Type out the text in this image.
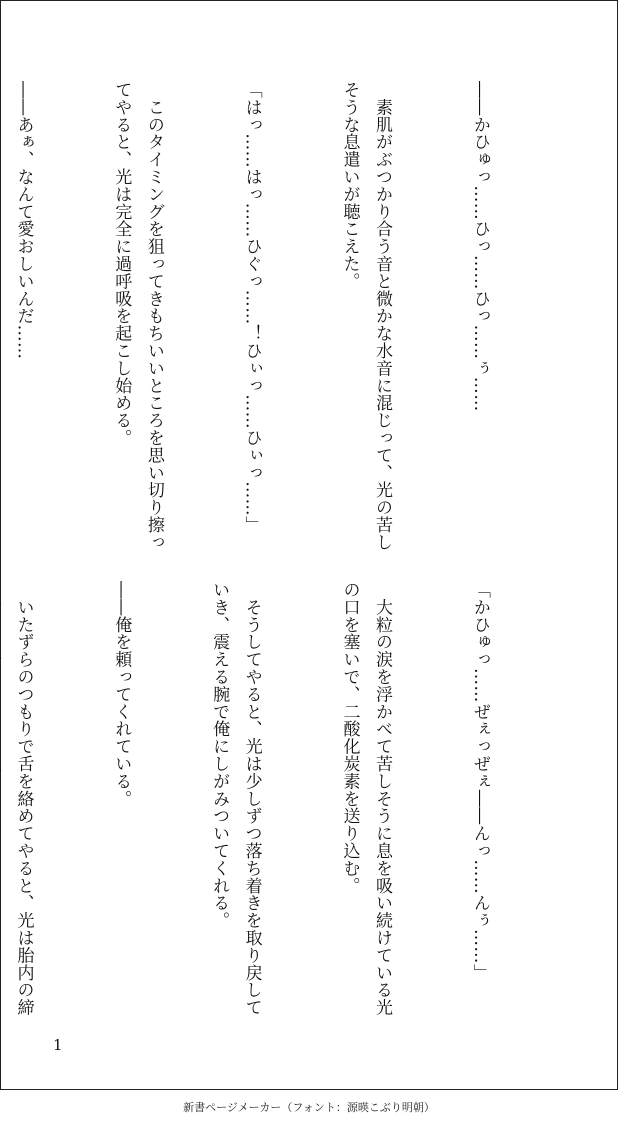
――かひゅっ……ひっ……ひっ……ぅ……

　素肌がぶつかり合う音と微かな水音に混じって、光の苦しそうな息遣いが聴こえた。

「はっ……はっ……ひぐっ……！ひぃっ……ひぃっ……」

　このタイミングを狙ってきもちいいところを思い切り擦ってやると、光は完全に過呼吸を起こし始める。

――あぁ、なんて愛おしいんだ……

「かひゅっ……ぜぇっぜぇ――んっ……んぅ……」

　大粒の涙を浮かべて苦しそうに息を吸い続けている光の口を塞いで、二酸化炭素を送り込む。

　そうしてやると、光は少しずつ落ち着きを取り戻していき、震える腕で俺にしがみついてくれる。

――俺を頼ってくれている。

　いたずらのつもりで舌を絡めてやると、光は胎内の締

1
新書ページメーカー（フォント：源暎こぶり明朝）
